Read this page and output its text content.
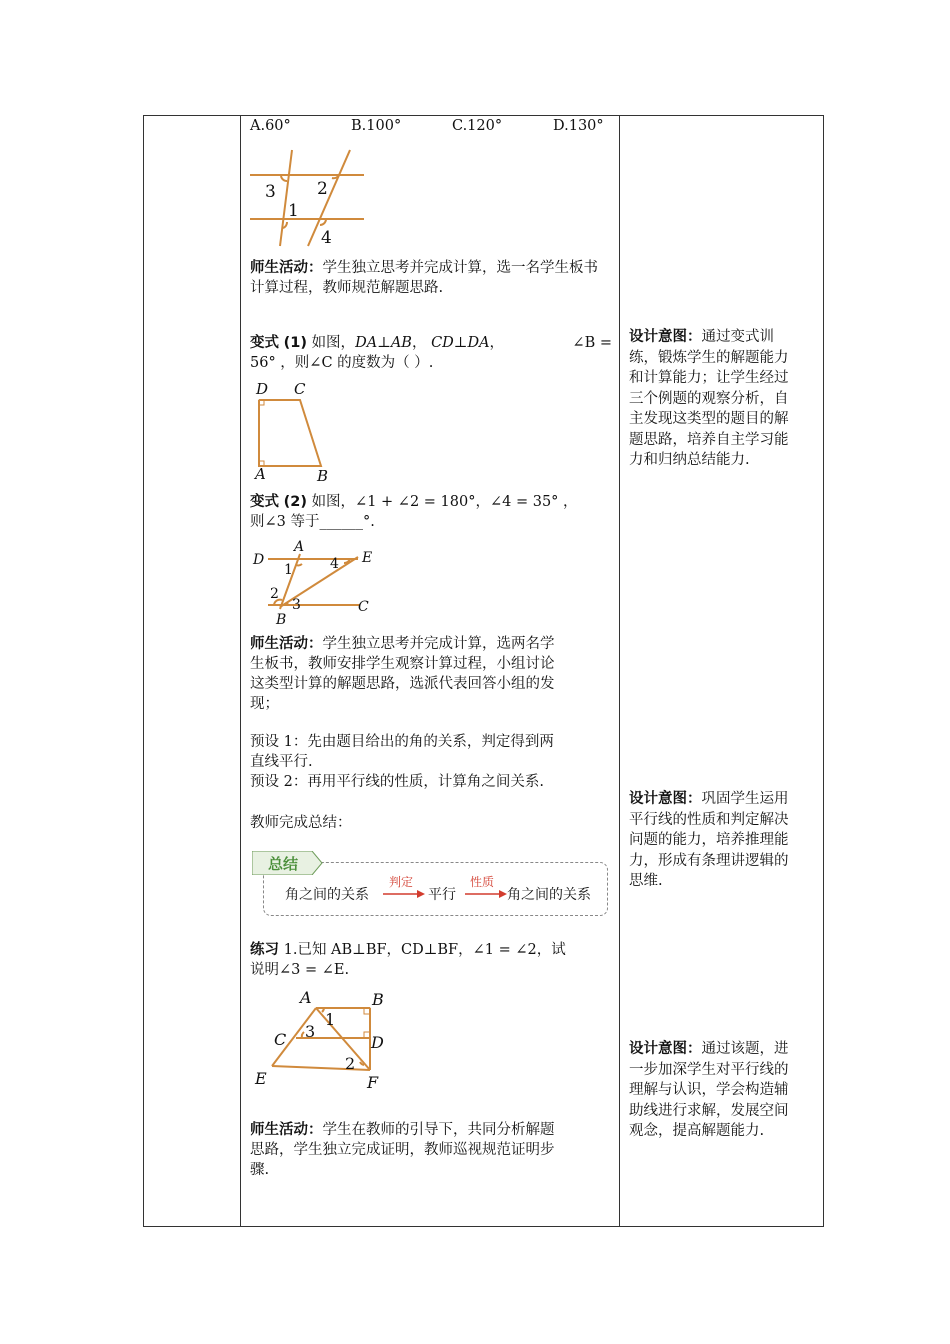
A.60°	B.100°	C.120°	D.130°
3 2
1
4
师生活动：学生独立思考并完成计算，选一名学生板书计算过程，教师规范解题思路.
变式 (1) 如图，DA⊥AB， CD⊥DA，	∠B =

56° ，则∠C 的度数为（ ）.
D C
A	B
变式 (2) 如图，∠1 + ∠2 = 180°，∠4 = 35° ，
则∠3 等于______°.
A
D	E
1	4
2
3
B
C
师生活动：学生独立思考并完成计算，选两名学
生板书，教师安排学生观察计算过程，小组讨论
这类型计算的解题思路，选派代表回答小组的发
现；
预设 1：先由题目给出的角的关系，判定得到两
直线平行.
预设 2：再用平行线的性质，计算角之间关系.
教师完成总结：
总结
角之间的关系
判定
平行
性质
角之间的关系
练习 1.已知 AB⊥BF，CD⊥BF，∠1 = ∠2，试
说明∠3 = ∠E.
A	B
1
C 3
D
2
E	F
师生活动：学生在教师的引导下，共同分析解题
思路，学生独立完成证明，教师巡视规范证明步
骤.
设计意图：通过变式训
练，锻炼学生的解题能力
和计算能力；让学生经过
三个例题的观察分析，自
主发现这类型的题目的解
题思路，培养自主学习能
力和归纳总结能力.
设计意图：巩固学生运用
平行线的性质和判定解决
问题的能力，培养推理能
力，形成有条理讲逻辑的
思维.
设计意图：通过该题，进
一步加深学生对平行线的
理解与认识，学会构造辅
助线进行求解，发展空间
观念，提高解题能力.
